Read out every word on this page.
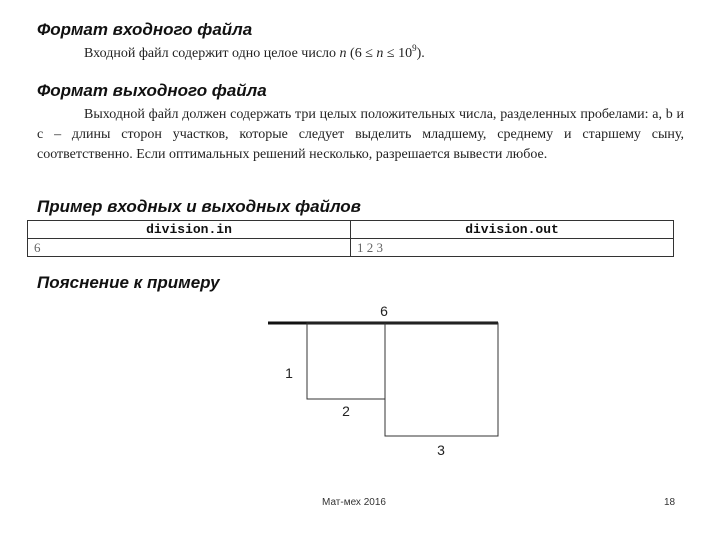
Формат входного файла

Входной файл содержит одно целое число n $(6 \le n \le 10^9)$.

Формат выходного файла

Выходной файл должен содержать три целых положительных числа, разделенных пробелами: a, b и c – длины сторон участков, которые следует выделить младшему, среднему и старшему сыну, соответственно. Если оптимальных решений несколько, разрешается вывести любое.

Пример входных и выходных файлов
division.in	division.out
6	1 2 3
Пояснение к примеру
6
1
2
3
Мат-мех 2016	18
